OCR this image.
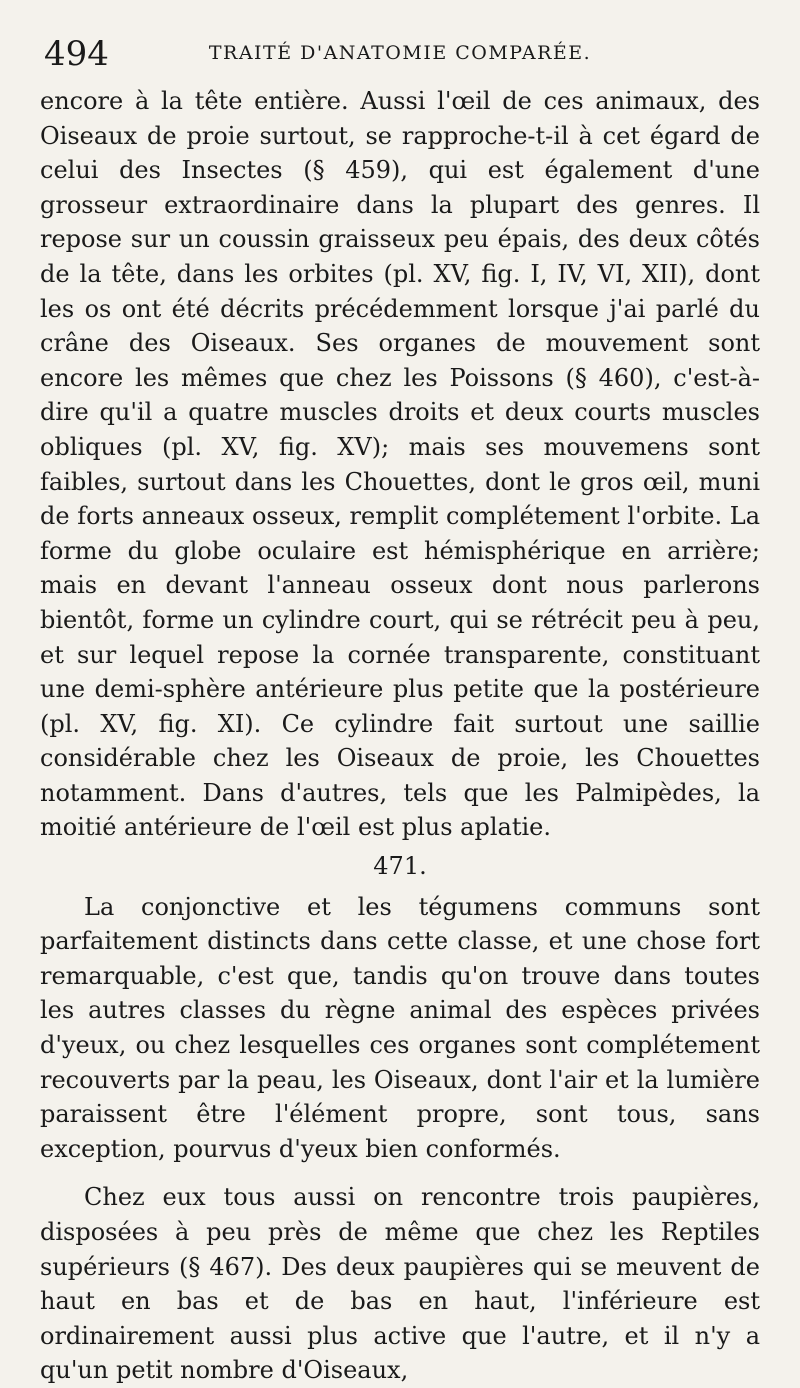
494	TRAITÉ D'ANATOMIE COMPARÉE.

encore à la tête entière. Aussi l'œil de ces animaux, des Oiseaux de proie surtout, se rapproche-t-il à cet égard de celui des Insectes (§ 459), qui est également d'une grosseur extraordinaire dans la plupart des genres. Il repose sur un coussin graisseux peu épais, des deux côtés de la tête, dans les orbites (pl. XV, fig. I, IV, VI, XII), dont les os ont été décrits précédemment lorsque j'ai parlé du crâne des Oiseaux. Ses organes de mouvement sont encore les mêmes que chez les Poissons (§ 460), c'est-à-dire qu'il a quatre muscles droits et deux courts muscles obliques (pl. XV, fig. XV); mais ses mouvemens sont faibles, surtout dans les Chouettes, dont le gros œil, muni de forts anneaux osseux, remplit complétement l'orbite. La forme du globe oculaire est hémisphérique en arrière; mais en devant l'anneau osseux dont nous parlerons bientôt, forme un cylindre court, qui se rétrécit peu à peu, et sur lequel repose la cornée transparente, constituant une demi-sphère antérieure plus petite que la postérieure (pl. XV, fig. XI). Ce cylindre fait surtout une saillie considérable chez les Oiseaux de proie, les Chouettes notamment. Dans d'autres, tels que les Palmipèdes, la moitié antérieure de l'œil est plus aplatie.

471.

La conjonctive et les tégumens communs sont parfaitement distincts dans cette classe, et une chose fort remarquable, c'est que, tandis qu'on trouve dans toutes les autres classes du règne animal des espèces privées d'yeux, ou chez lesquelles ces organes sont complétement recouverts par la peau, les Oiseaux, dont l'air et la lumière paraissent être l'élément propre, sont tous, sans exception, pourvus d'yeux bien conformés.

Chez eux tous aussi on rencontre trois paupières, disposées à peu près de même que chez les Reptiles supérieurs (§ 467). Des deux paupières qui se meuvent de haut en bas et de bas en haut, l'inférieure est ordinairement aussi plus active que l'autre, et il n'y a qu'un petit nombre d'Oiseaux,
